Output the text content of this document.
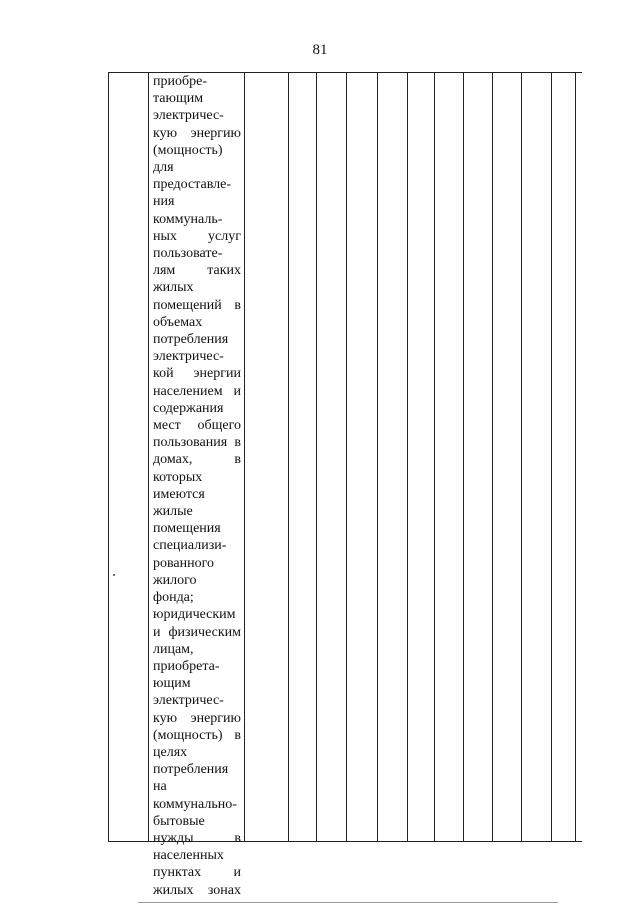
81
приобре-
тающим
электричес-
кую энергию
(мощность)
для
предоставле-
ния
коммуналь-
ных услуг
пользовате-
лям таких
жилых
помещений в
объемах
потребления
электричес-
кой энергии
населением и
содержания
мест общего
пользования в
домах,	в
которых
имеются
жилые
помещения
специализи-
рованного
жилого
фонда;
юридическим
и физическим
лицам,
приобрета-
ющим
электричес-
кую энергию
(мощность) в
целях
потребления
на
коммунально-
бытовые
нужды	в
населенных
пунктах и
жилых зонах
